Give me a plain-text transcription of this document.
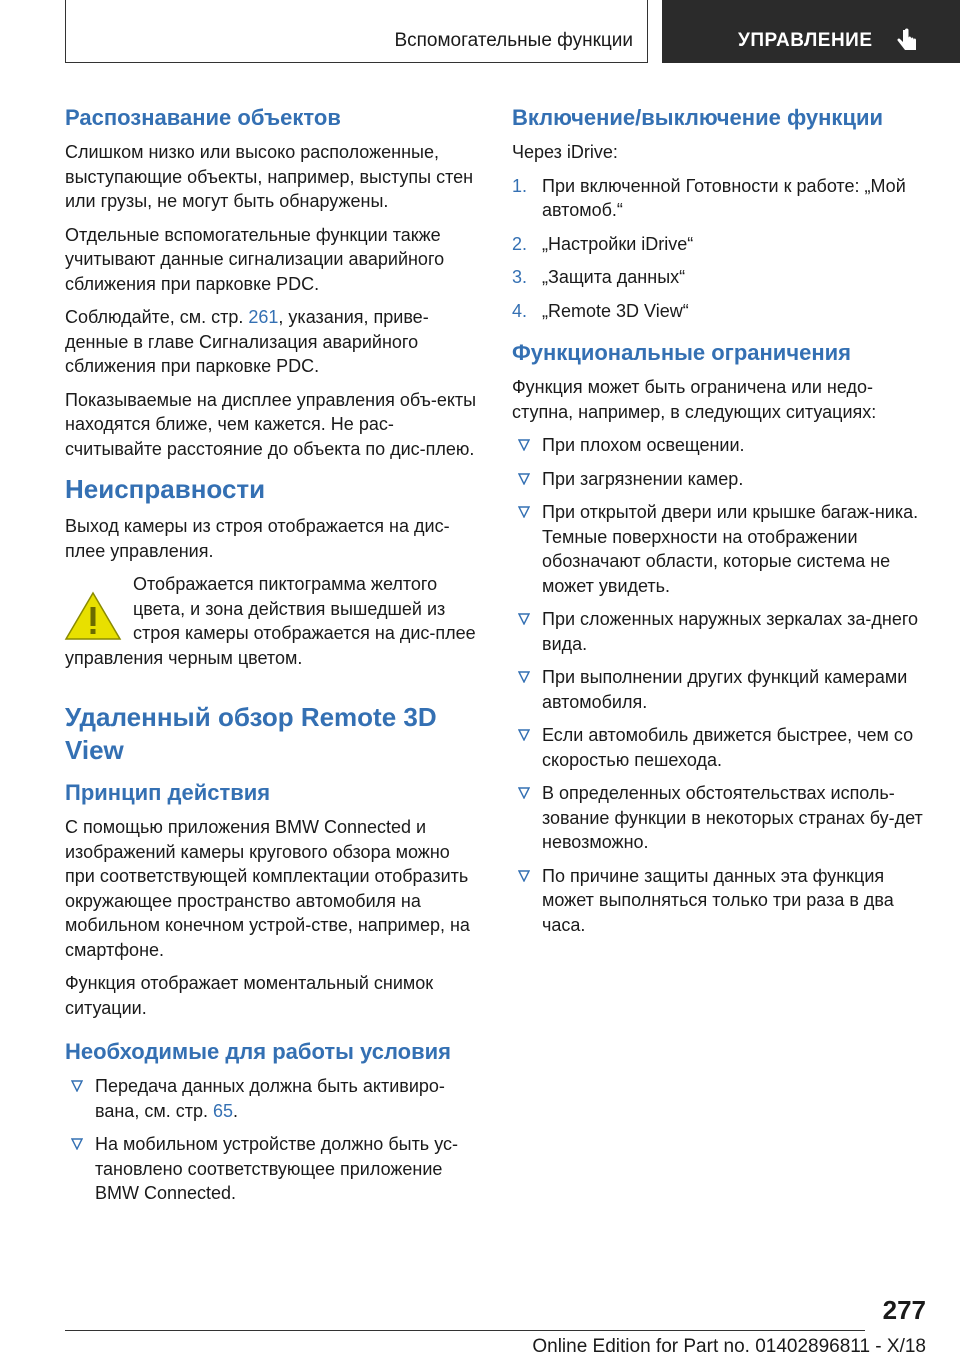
Вспомогательные функции	УПРАВЛЕНИЕ
Распознавание объектов

Слишком низко или высоко расположенные, выступающие объекты, например, выступы стен или грузы, не могут быть обнаружены.

Отдельные вспомогательные функции также учитывают данные сигнализации аварийного сближения при парковке PDC.

Соблюдайте, см. стр. 261, указания, приве-денные в главе Сигнализация аварийного сближения при парковке PDC.

Показываемые на дисплее управления объ-екты находятся ближе, чем кажется. Не рас-считывайте расстояние до объекта по дис-плею.

Неисправности

Выход камеры из строя отображается на дис-плее управления.

Отображается пиктограмма желтого цвета, и зона действия вышедшей из строя камеры отображается на дис-плее управления черным цветом.

Удаленный обзор Remote 3D View
Принцип действия

С помощью приложения BMW Connected и изображений камеры кругового обзора можно при соответствующей комплектации отобразить окружающее пространство автомобиля на мобильном конечном устрой-стве, например, на смартфоне.

Функция отображает моментальный снимок ситуации.

Необходимые для работы условия
Передача данных должна быть активиро-вана, см. стр. 65.
На мобильном устройстве должно быть ус-тановлено соответствующее приложение BMW Connected.
Включение/выключение функции

Через iDrive:

1. При включенной Готовности к работе: „Мой автомоб.“
2. „Настройки iDrive“
3. „Защита данных“
4. „Remote 3D View“
Функциональные ограничения

Функция может быть ограничена или недо-ступна, например, в следующих ситуациях:

При плохом освещении.
При загрязнении камер.
При открытой двери или крышке багаж-ника. Темные поверхности на отображении обозначают области, которые система не может увидеть.
При сложенных наружных зеркалах за-днего вида.
При выполнении других функций камерами автомобиля.
Если автомобиль движется быстрее, чем со скоростью пешехода.
В определенных обстоятельствах исполь-зование функции в некоторых странах бу-дет невозможно.
По причине защиты данных эта функция может выполняться только три раза в два часа.
277
Online Edition for Part no. 01402896811 - X/18
